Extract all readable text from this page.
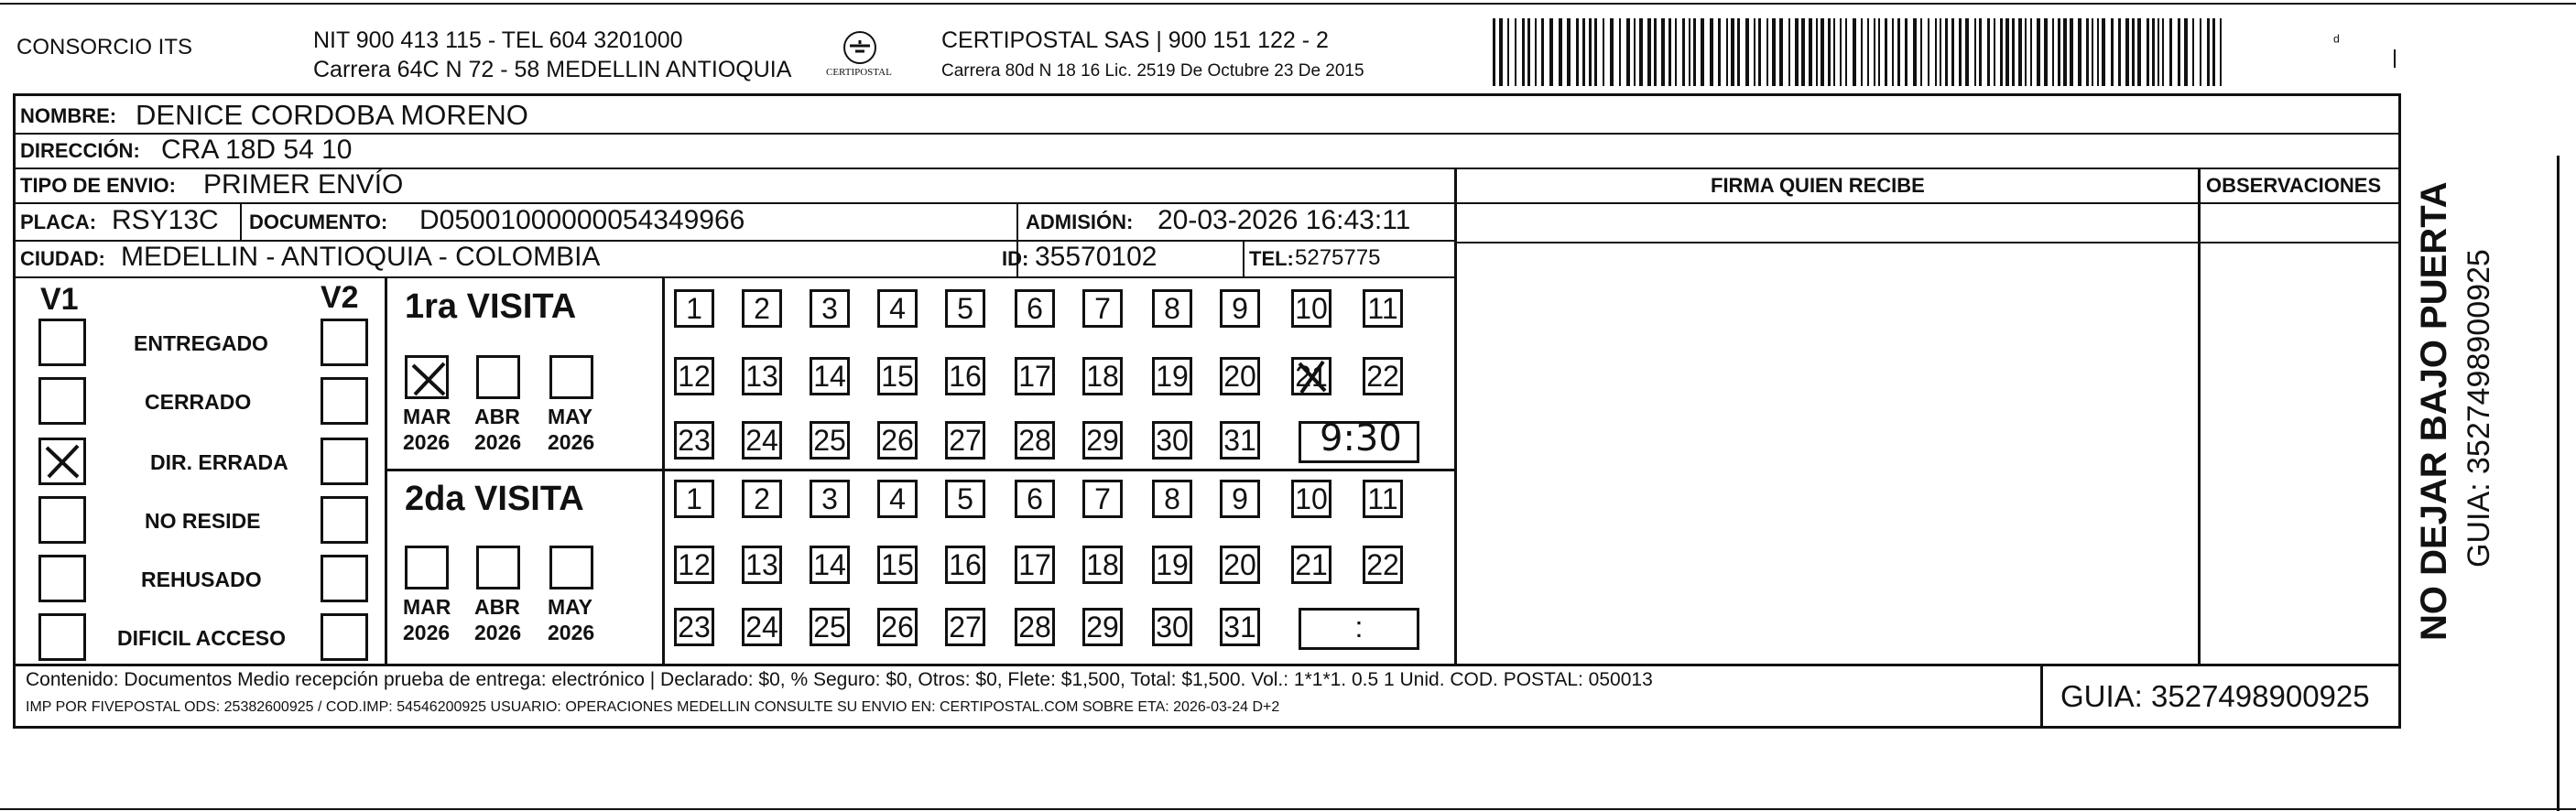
CONSORCIO ITS	NIT 900 413 115 - TEL 604 3201000
Carrera 64C N 72 - 58 MEDELLIN ANTIOQUIA	CERTIPOSTAL
CERTIPOSTAL SAS | 900 151 122 - 2
Carrera 80d N 18 16 Lic. 2519 De Octubre 23 De 2015
ᵈ
NOMBRE: DENICE CORDOBA MORENO
DIRECCIÓN: CRA 18D 54 10
TIPO DE ENVIO: PRIMER ENVÍO	FIRMA QUIEN RECIBE	OBSERVACIONES
PLACA: RSY13C DOCUMENTO: D05001000000054349966	ADMISIÓN: 20-03-2026 16:43:11
CIUDAD: MEDELLIN - ANTIOQUIA - COLOMBIA	ID: 35570102	TEL: 5275775
V1	V2
ENTREGADO
CERRADO
DIR. ERRADA
NO RESIDE
REHUSADO
DIFICIL ACCESO
1ra VISITA
2da VISITA
MAR
2026
ABR
2026
MAY
2026
MAR
2026
ABR
2026
MAY
2026
1	2	3	4	5	6	7	8	9	10 11
12 13 14 15 16 17 18 19 20 21 22
23 24 25 26 27 28 29 30 31 9:30
1	2	3	4	5	6	7	8	9	10 11
12 13 14 15 16 17 18 19 20 21 22
23 24 25 26 27 28 29 30 31	:
Contenido: Documentos Medio recepción prueba de entrega: electrónico | Declarado: $0, % Seguro: $0, Otros: $0, Flete: $1,500, Total: $1,500. Vol.: 1*1*1. 0.5 1 Unid. COD. POSTAL: 050013
IMP POR FIVEPOSTAL ODS: 25382600925 / COD.IMP: 54546200925 USUARIO: OPERACIONES MEDELLIN CONSULTE SU ENVIO EN: CERTIPOSTAL.COM SOBRE ETA: 2026-03-24 D+2	GUIA: 3527498900925
NO DEJAR BAJO PUERTA GUIA: 3527498900925
